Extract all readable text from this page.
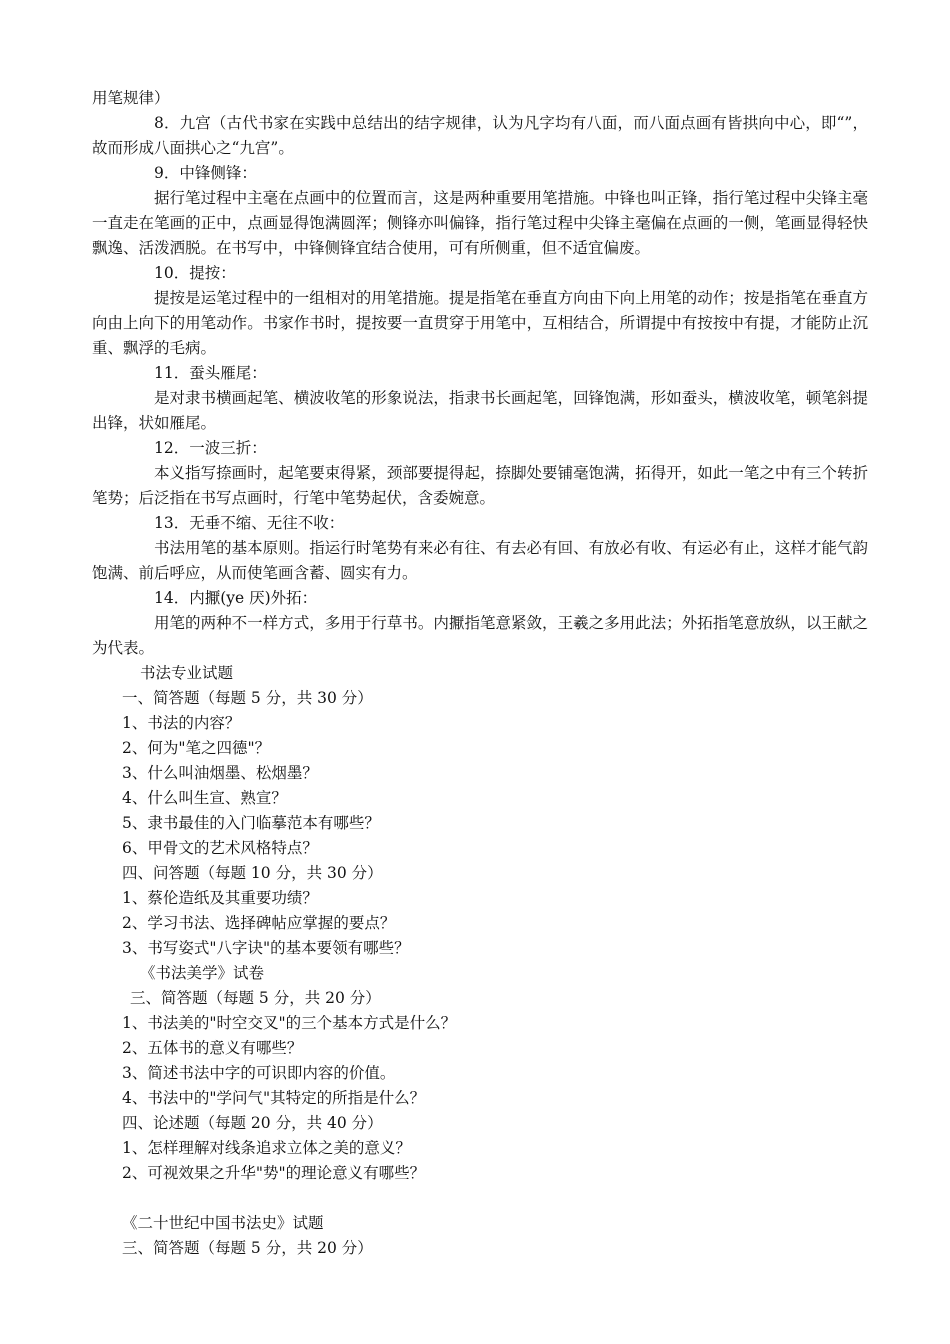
用笔规律）
8．九宫（古代书家在实践中总结出的结字规律，认为凡字均有八面，而八面点画有皆拱向中心，即“”，故而形成八面拱心之“九宫”。
9．中锋侧锋：
据行笔过程中主毫在点画中的位置而言，这是两种重要用笔措施。中锋也叫正锋，指行笔过程中尖锋主毫一直走在笔画的正中，点画显得饱满圆浑；侧锋亦叫偏锋，指行笔过程中尖锋主毫偏在点画的一侧，笔画显得轻快飘逸、活泼洒脱。在书写中，中锋侧锋宜结合使用，可有所侧重，但不适宜偏废。
10．提按：
提按是运笔过程中的一组相对的用笔措施。提是指笔在垂直方向由下向上用笔的动作；按是指笔在垂直方向由上向下的用笔动作。书家作书时，提按要一直贯穿于用笔中，互相结合，所谓提中有按按中有提，才能防止沉重、飘浮的毛病。
11．蚕头雁尾：
是对隶书横画起笔、横波收笔的形象说法，指隶书长画起笔，回锋饱满，形如蚕头，横波收笔，顿笔斜提出锋，状如雁尾。
12．一波三折：
本义指写捺画时，起笔要束得紧，颈部要提得起，捺脚处要铺毫饱满，拓得开，如此一笔之中有三个转折笔势；后泛指在书写点画时，行笔中笔势起伏，含委婉意。
13．无垂不缩、无往不收：
书法用笔的基本原则。指运行时笔势有来必有往、有去必有回、有放必有收、有运必有止，这样才能气韵饱满、前后呼应，从而使笔画含蓄、圆实有力。
14．内擫(ye 厌)外拓：
用笔的两种不一样方式，多用于行草书。内擫指笔意紧敛，王羲之多用此法；外拓指笔意放纵，以王献之为代表。
书法专业试题
一、简答题（每题 5 分，共 30 分）
1、书法的内容？
2、何为"笔之四德"？
3、什么叫油烟墨、松烟墨？
4、什么叫生宣、熟宣？
5、隶书最佳的入门临摹范本有哪些？
6、甲骨文的艺术风格特点？
四、问答题（每题 10 分，共 30 分）
1、蔡伦造纸及其重要功绩？
2、学习书法、选择碑帖应掌握的要点？
3、书写姿式"八字诀"的基本要领有哪些？
《书法美学》试卷
三、简答题（每题 5 分，共 20 分）
1、书法美的"时空交叉"的三个基本方式是什么？
2、五体书的意义有哪些？
3、简述书法中字的可识即内容的价值。
4、书法中的"学问气"其特定的所指是什么？
四、论述题（每题 20 分，共 40 分）
1、怎样理解对线条追求立体之美的意义？
2、可视效果之升华"势"的理论意义有哪些？
《二十世纪中国书法史》试题
三、简答题（每题 5 分，共 20 分）
